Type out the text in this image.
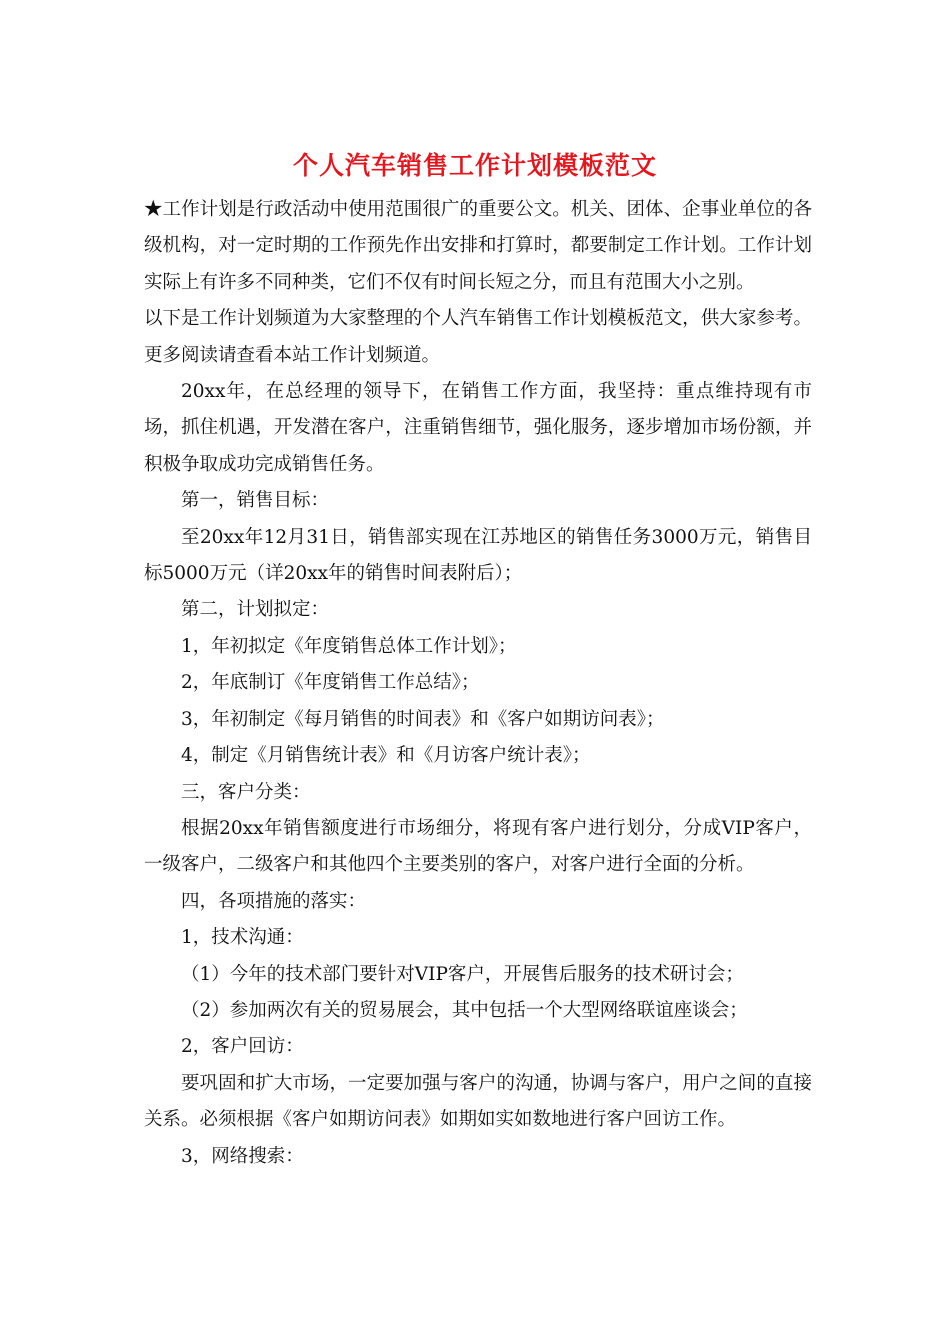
个人汽车销售工作计划模板范文

★工作计划是行政活动中使用范围很广的重要公文。机关、团体、企事业单位的各级机构，对一定时期的工作预先作出安排和打算时，都要制定工作计划。工作计划实际上有许多不同种类，它们不仅有时间长短之分，而且有范围大小之别。

以下是工作计划频道为大家整理的个人汽车销售工作计划模板范文，供大家参考。更多阅读请查看本站工作计划频道。

20xx年，在总经理的领导下，在销售工作方面，我坚持：重点维持现有市场，抓住机遇，开发潜在客户，注重销售细节，强化服务，逐步增加市场份额，并积极争取成功完成销售任务。

第一，销售目标：

至20xx年12月31日，销售部实现在江苏地区的销售任务3000万元，销售目标5000万元（详20xx年的销售时间表附后）；

第二，计划拟定：

1，年初拟定《年度销售总体工作计划》；

2，年底制订《年度销售工作总结》；

3，年初制定《每月销售的时间表》和《客户如期访问表》；

4，制定《月销售统计表》和《月访客户统计表》；

三，客户分类：

根据20xx年销售额度进行市场细分，将现有客户进行划分，分成VIP客户，一级客户，二级客户和其他四个主要类别的客户，对客户进行全面的分析。

四，各项措施的落实：

1，技术沟通：

（1）今年的技术部门要针对VIP客户，开展售后服务的技术研讨会；

（2）参加两次有关的贸易展会，其中包括一个大型网络联谊座谈会；

2，客户回访：

要巩固和扩大市场，一定要加强与客户的沟通，协调与客户，用户之间的直接关系。必须根据《客户如期访问表》如期如实如数地进行客户回访工作。

3，网络搜索：
